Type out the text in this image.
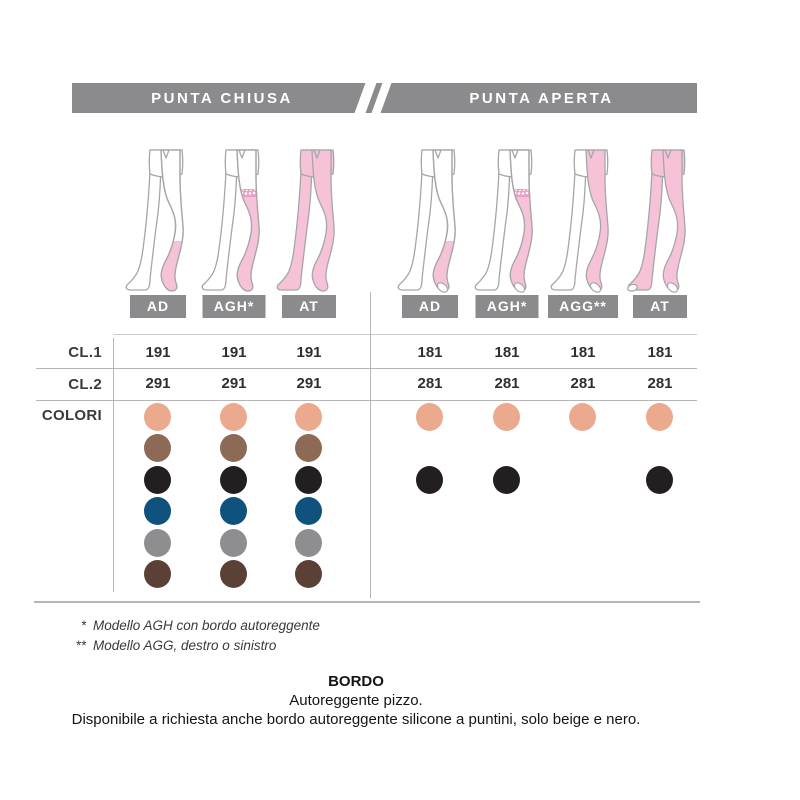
PUNTA CHIUSA	PUNTA APERTA
AD
191
291
AGH*
191
291
AT
191
291
AD
181
281
AGH*
181
281
AGG**
181
281
AT
181
281
CL.1
CL.2
COLORI
* Modello AGH con bordo autoreggente
** Modello AGG, destro o sinistro
BORDO
Autoreggente pizzo.
Disponibile a richiesta anche bordo autoreggente silicone a puntini, solo beige e nero.
